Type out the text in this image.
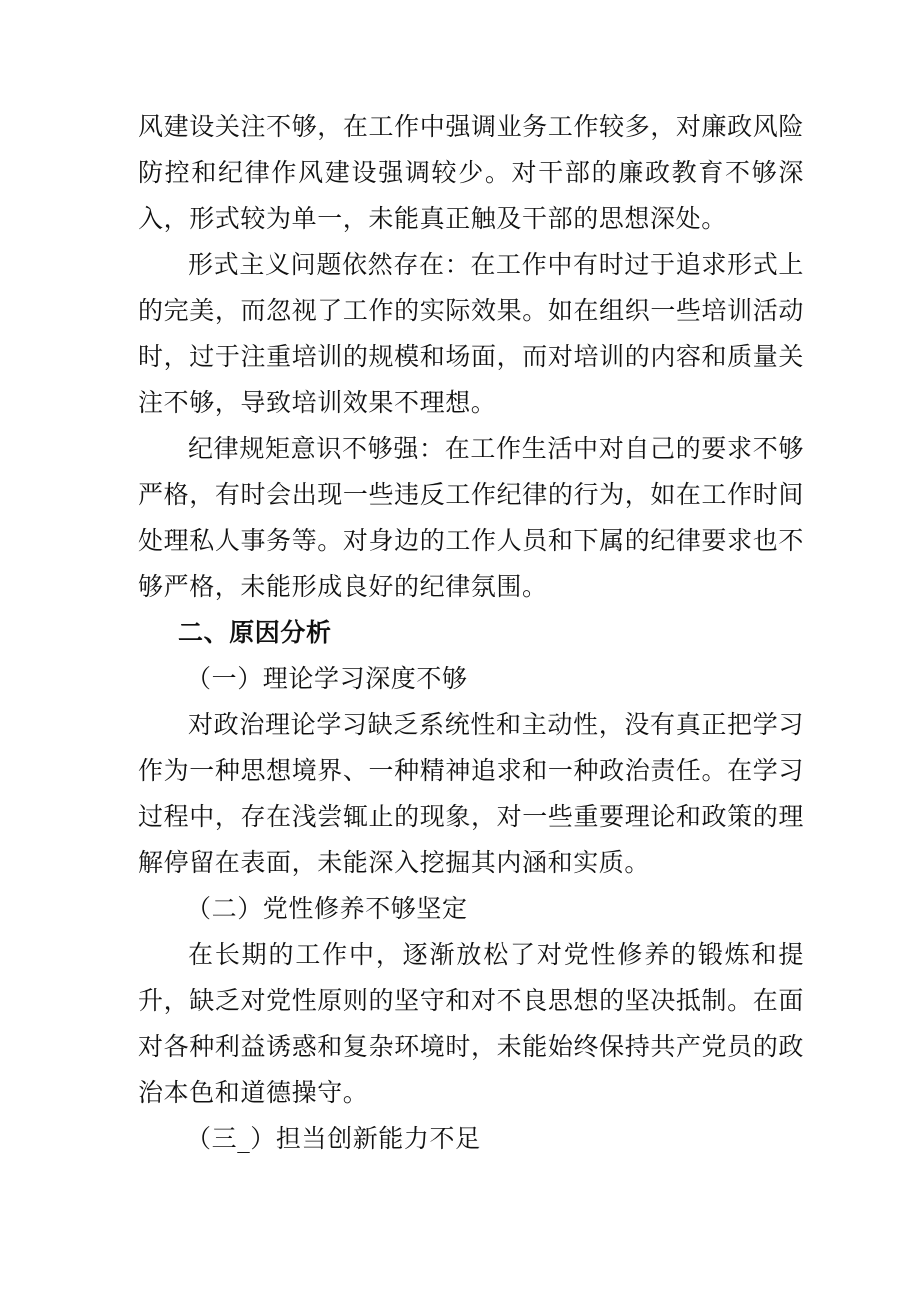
风建设关注不够，在工作中强调业务工作较多，对廉政风险防控和纪律作风建设强调较少。对干部的廉政教育不够深入，形式较为单一，未能真正触及干部的思想深处。

形式主义问题依然存在：在工作中有时过于追求形式上的完美，而忽视了工作的实际效果。如在组织一些培训活动时，过于注重培训的规模和场面，而对培训的内容和质量关注不够，导致培训效果不理想。

纪律规矩意识不够强：在工作生活中对自己的要求不够严格，有时会出现一些违反工作纪律的行为，如在工作时间处理私人事务等。对身边的工作人员和下属的纪律要求也不够严格，未能形成良好的纪律氛围。

二、原因分析

（一）理论学习深度不够

对政治理论学习缺乏系统性和主动性，没有真正把学习作为一种思想境界、一种精神追求和一种政治责任。在学习过程中，存在浅尝辄止的现象，对一些重要理论和政策的理解停留在表面，未能深入挖掘其内涵和实质。

（二）党性修养不够坚定

在长期的工作中，逐渐放松了对党性修养的锻炼和提升，缺乏对党性原则的坚守和对不良思想的坚决抵制。在面对各种利益诱惑和复杂环境时，未能始终保持共产党员的政治本色和道德操守。

（三_）担当创新能力不足
